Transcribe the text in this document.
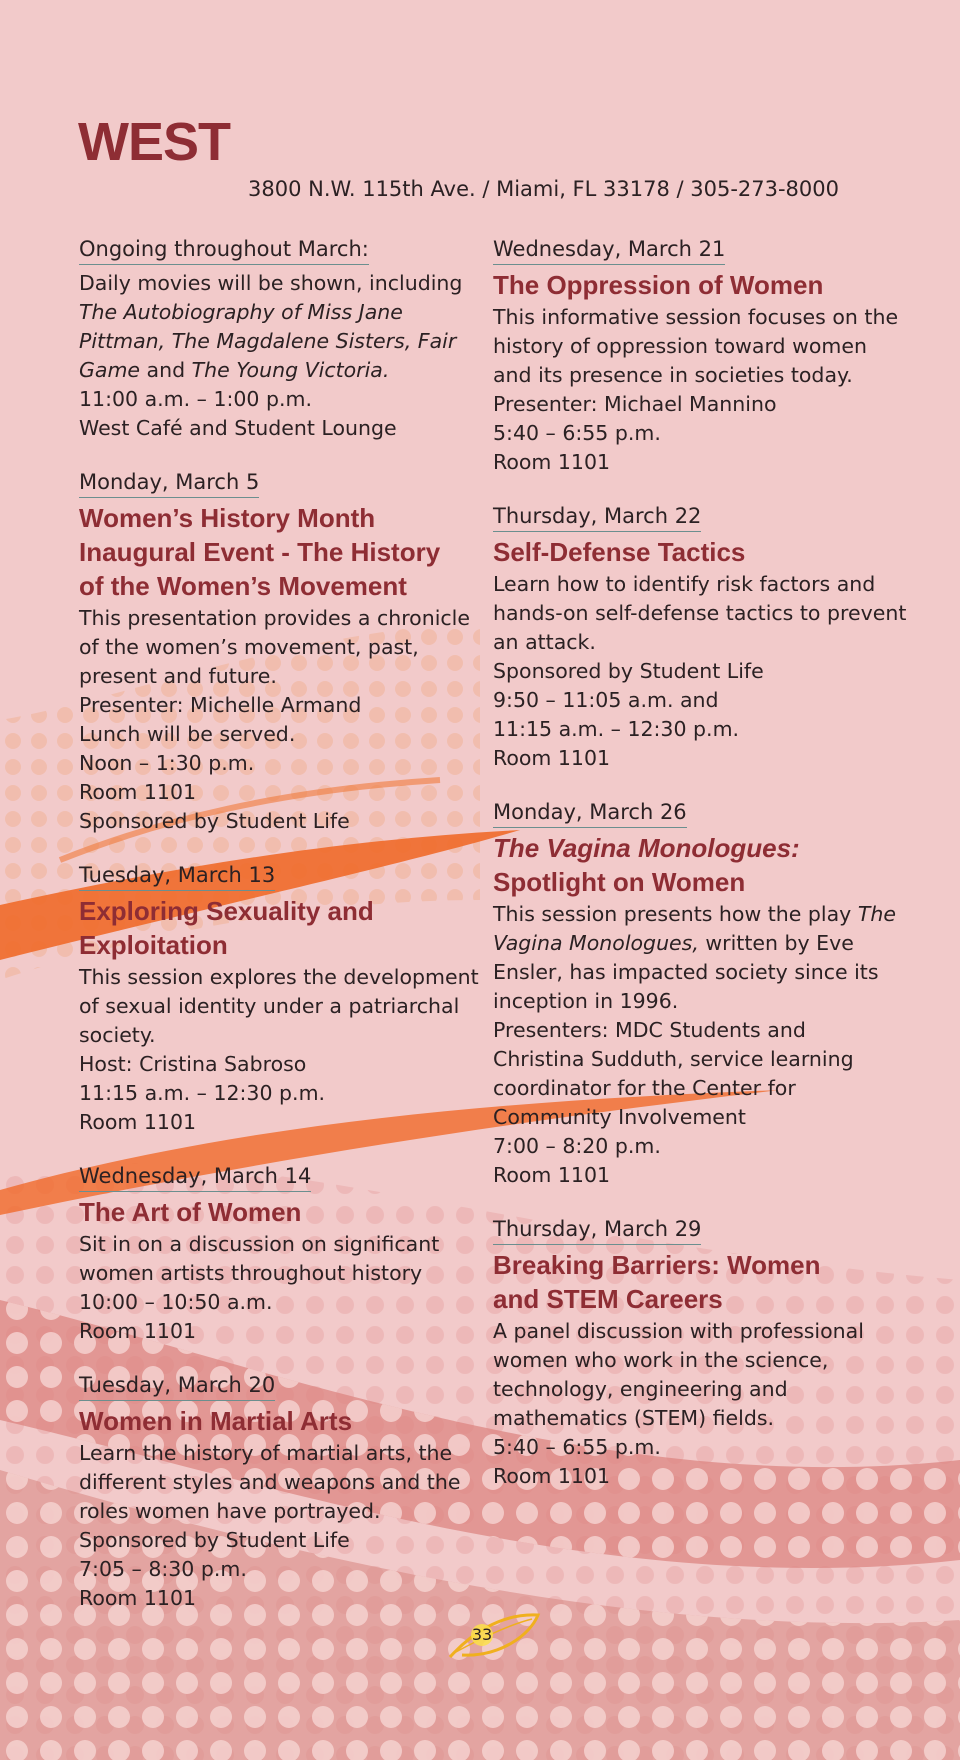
WEST
3800 N.W. 115th Ave. / Miami, FL 33178 / 305-273-8000
Ongoing throughout March:
Daily movies will be shown, including
The Autobiography of Miss Jane
Pittman, The Magdalene Sisters, Fair
Game and The Young Victoria.
11:00 a.m. – 1:00 p.m.
West Café and Student Lounge
Monday, March 5
Women’s History Month
Inaugural Event - The History
of the Women’s Movement
This presentation provides a chronicle
of the women’s movement, past,
present and future.
Presenter: Michelle Armand
Lunch will be served.
Noon – 1:30 p.m.
Room 1101
Sponsored by Student Life
Tuesday, March 13
Exploring Sexuality and
Exploitation
This session explores the development
of sexual identity under a patriarchal
society.
Host: Cristina Sabroso
11:15 a.m. – 12:30 p.m.
Room 1101
Wednesday, March 14
The Art of Women
Sit in on a discussion on significant
women artists throughout history
10:00 – 10:50 a.m.
Room 1101
Tuesday, March 20
Women in Martial Arts
Learn the history of martial arts, the
different styles and weapons and the
roles women have portrayed.
Sponsored by Student Life
7:05 – 8:30 p.m.
Room 1101
Wednesday, March 21
The Oppression of Women
This informative session focuses on the
history of oppression toward women
and its presence in societies today.
Presenter: Michael Mannino
5:40 – 6:55 p.m.
Room 1101
Thursday, March 22
Self-Defense Tactics
Learn how to identify risk factors and
hands-on self-defense tactics to prevent
an attack.
Sponsored by Student Life
9:50 – 11:05 a.m. and
11:15 a.m. – 12:30 p.m.
Room 1101
Monday, March 26
The Vagina Monologues:
Spotlight on Women
This session presents how the play The
Vagina Monologues, written by Eve
Ensler, has impacted society since its
inception in 1996.
Presenters: MDC Students and
Christina Sudduth, service learning
coordinator for the Center for
Community Involvement
7:00 – 8:20 p.m.
Room 1101
Thursday, March 29
Breaking Barriers: Women
and STEM Careers
A panel discussion with professional
women who work in the science,
technology, engineering and
mathematics (STEM) fields.
5:40 – 6:55 p.m.
Room 1101
33
